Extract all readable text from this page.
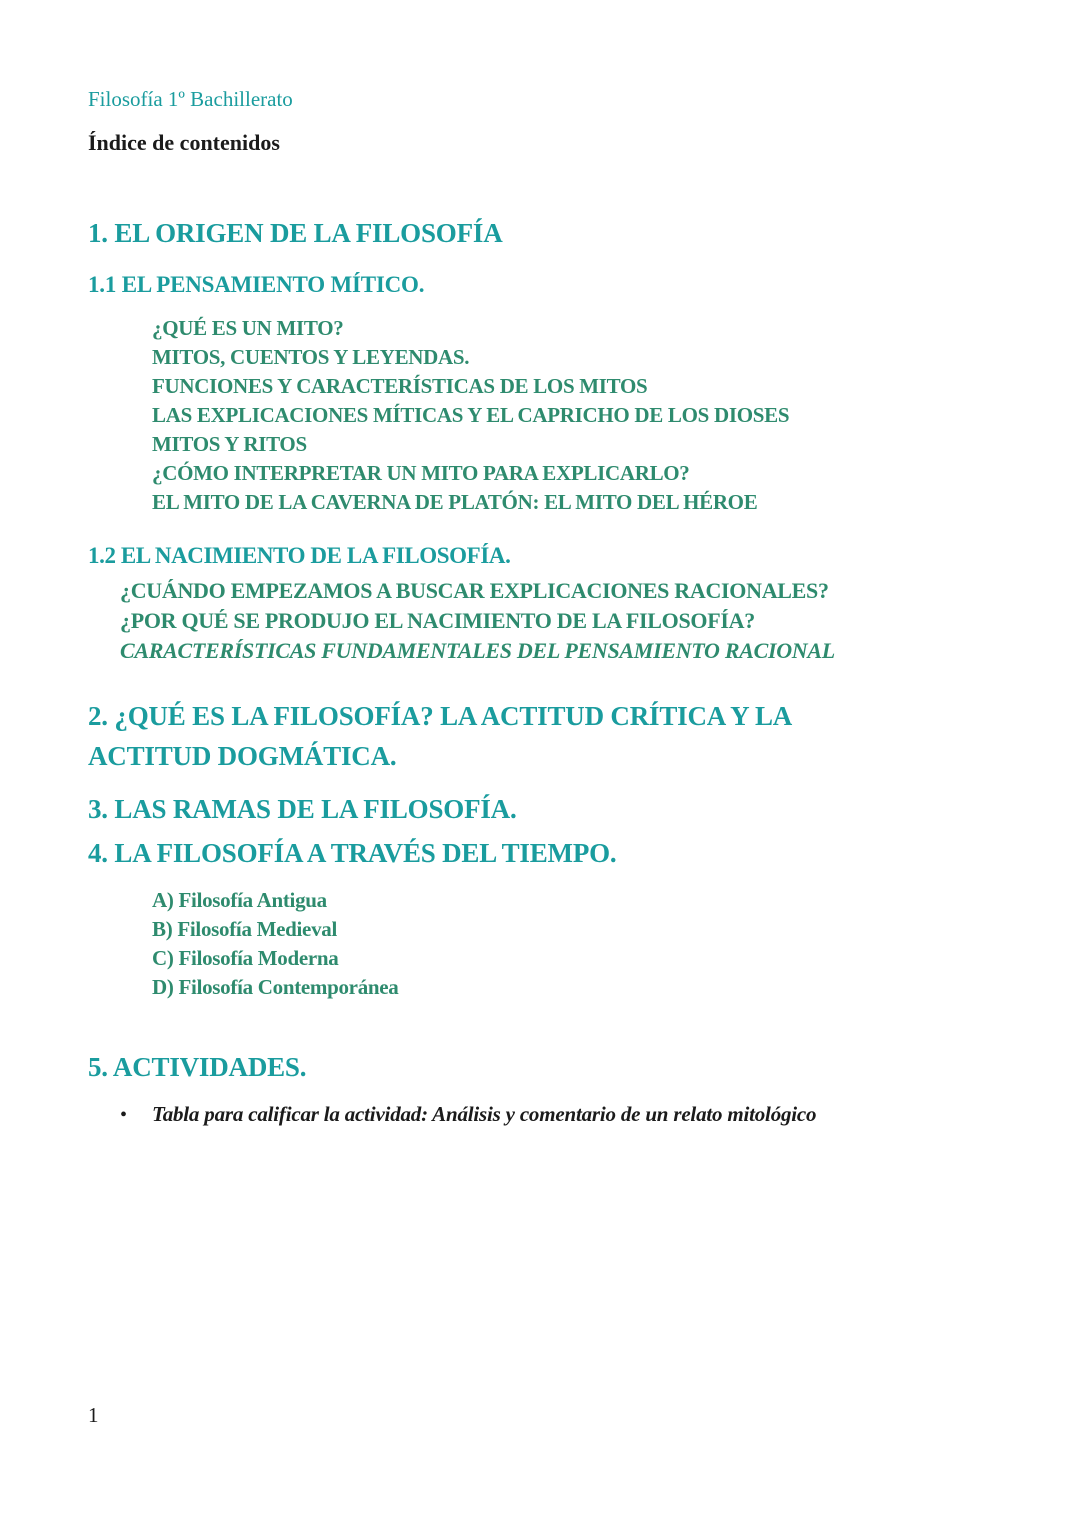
Filosofía 1º Bachillerato

Índice de contenidos

1. EL ORIGEN DE LA FILOSOFÍA
1.1 EL PENSAMIENTO MÍTICO.
¿QUÉ ES UN MITO?
MITOS, CUENTOS Y LEYENDAS.
FUNCIONES Y CARACTERÍSTICAS DE LOS MITOS
LAS EXPLICACIONES MÍTICAS Y EL CAPRICHO DE LOS DIOSES
MITOS Y RITOS
¿CÓMO INTERPRETAR UN MITO PARA EXPLICARLO?
EL MITO DE LA CAVERNA DE PLATÓN: EL MITO DEL HÉROE
1.2 EL NACIMIENTO DE LA FILOSOFÍA.
¿CUÁNDO EMPEZAMOS A BUSCAR EXPLICACIONES RACIONALES?
¿POR QUÉ SE PRODUJO EL NACIMIENTO DE LA FILOSOFÍA?
CARACTERÍSTICAS FUNDAMENTALES DEL PENSAMIENTO RACIONAL
2. ¿QUÉ ES LA FILOSOFÍA? LA ACTITUD CRÍTICA Y LA ACTITUD DOGMÁTICA.
3. LAS RAMAS DE LA FILOSOFÍA.
4. LA FILOSOFÍA A TRAVÉS DEL TIEMPO.
A) Filosofía Antigua
B) Filosofía Medieval
C) Filosofía Moderna
D) Filosofía Contemporánea
5. ACTIVIDADES.
•	Tabla para calificar la actividad: Análisis y comentario de un relato mitológico
1
